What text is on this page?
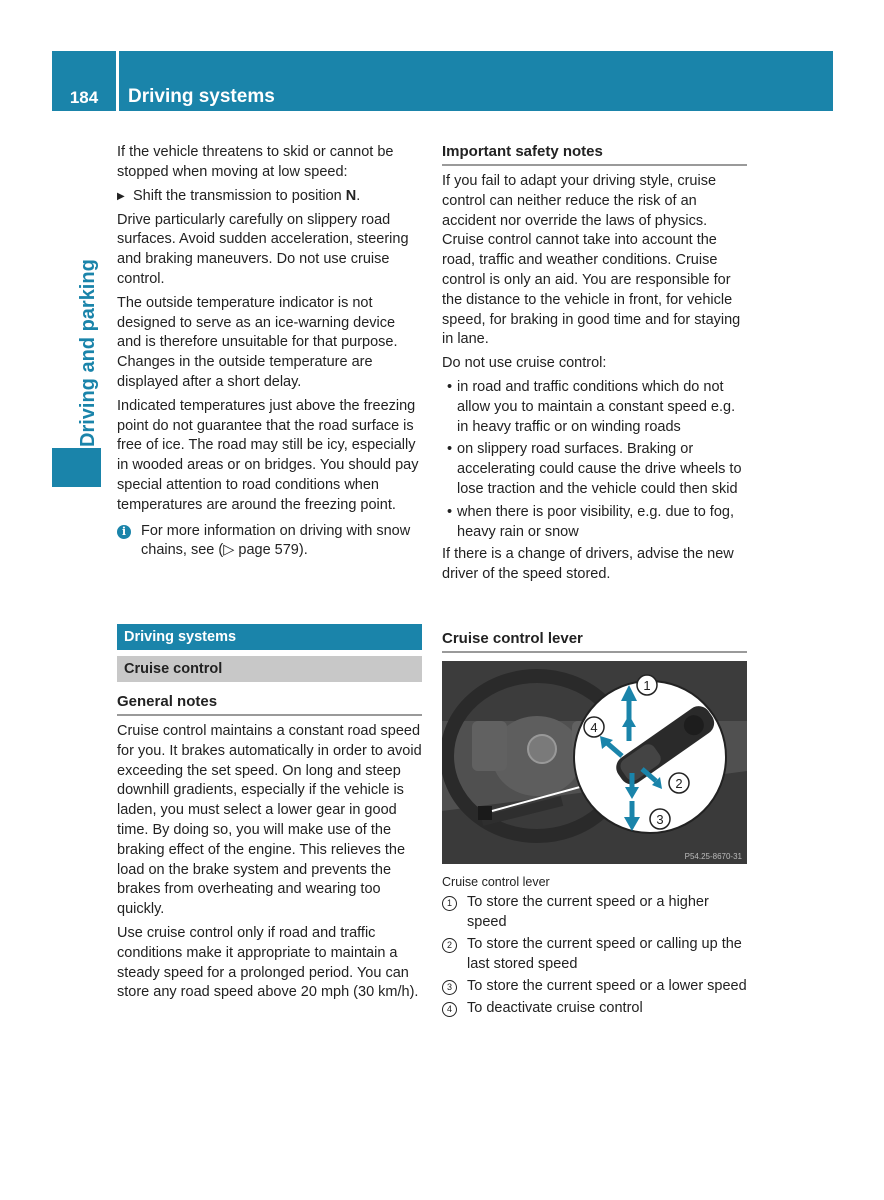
184	Driving systems
Driving and parking

If the vehicle threatens to skid or cannot be stopped when moving at low speed:

▶ Shift the transmission to position N.

Drive particularly carefully on slippery road surfaces. Avoid sudden acceleration, steering and braking maneuvers. Do not use cruise control.

The outside temperature indicator is not designed to serve as an ice-warning device and is therefore unsuitable for that purpose. Changes in the outside temperature are displayed after a short delay.

Indicated temperatures just above the freezing point do not guarantee that the road surface is free of ice. The road may still be icy, especially in wooded areas or on bridges. You should pay special attention to road conditions when temperatures are around the freezing point.

i	For more information on driving with snow chains, see (▷ page 579).
Driving systems
Cruise control
General notes

Cruise control maintains a constant road speed for you. It brakes automatically in order to avoid exceeding the set speed. On long and steep downhill gradients, especially if the vehicle is laden, you must select a lower gear in good time. By doing so, you will make use of the braking effect of the engine. This relieves the load on the brake system and prevents the brakes from overheating and wearing too quickly.

Use cruise control only if road and traffic conditions make it appropriate to maintain a steady speed for a prolonged period. You can store any road speed above 20 mph (30 km/h).

Important safety notes

If you fail to adapt your driving style, cruise control can neither reduce the risk of an accident nor override the laws of physics. Cruise control cannot take into account the road, traffic and weather conditions. Cruise control is only an aid. You are responsible for the distance to the vehicle in front, for vehicle speed, for braking in good time and for staying in lane.

Do not use cruise control:

• in road and traffic conditions which do not allow you to maintain a constant speed e.g. in heavy traffic or on winding roads
• on slippery road surfaces. Braking or accelerating could cause the drive wheels to lose traction and the vehicle could then skid
• when there is poor visibility, e.g. due to fog, heavy rain or snow

If there is a change of drivers, advise the new driver of the speed stored.

Cruise control lever
1
2
3
4
P54.25-8670-31
Cruise control lever
1	To store the current speed or a higher speed
2	To store the current speed or calling up the last stored speed
3	To store the current speed or a lower speed
4	To deactivate cruise control
